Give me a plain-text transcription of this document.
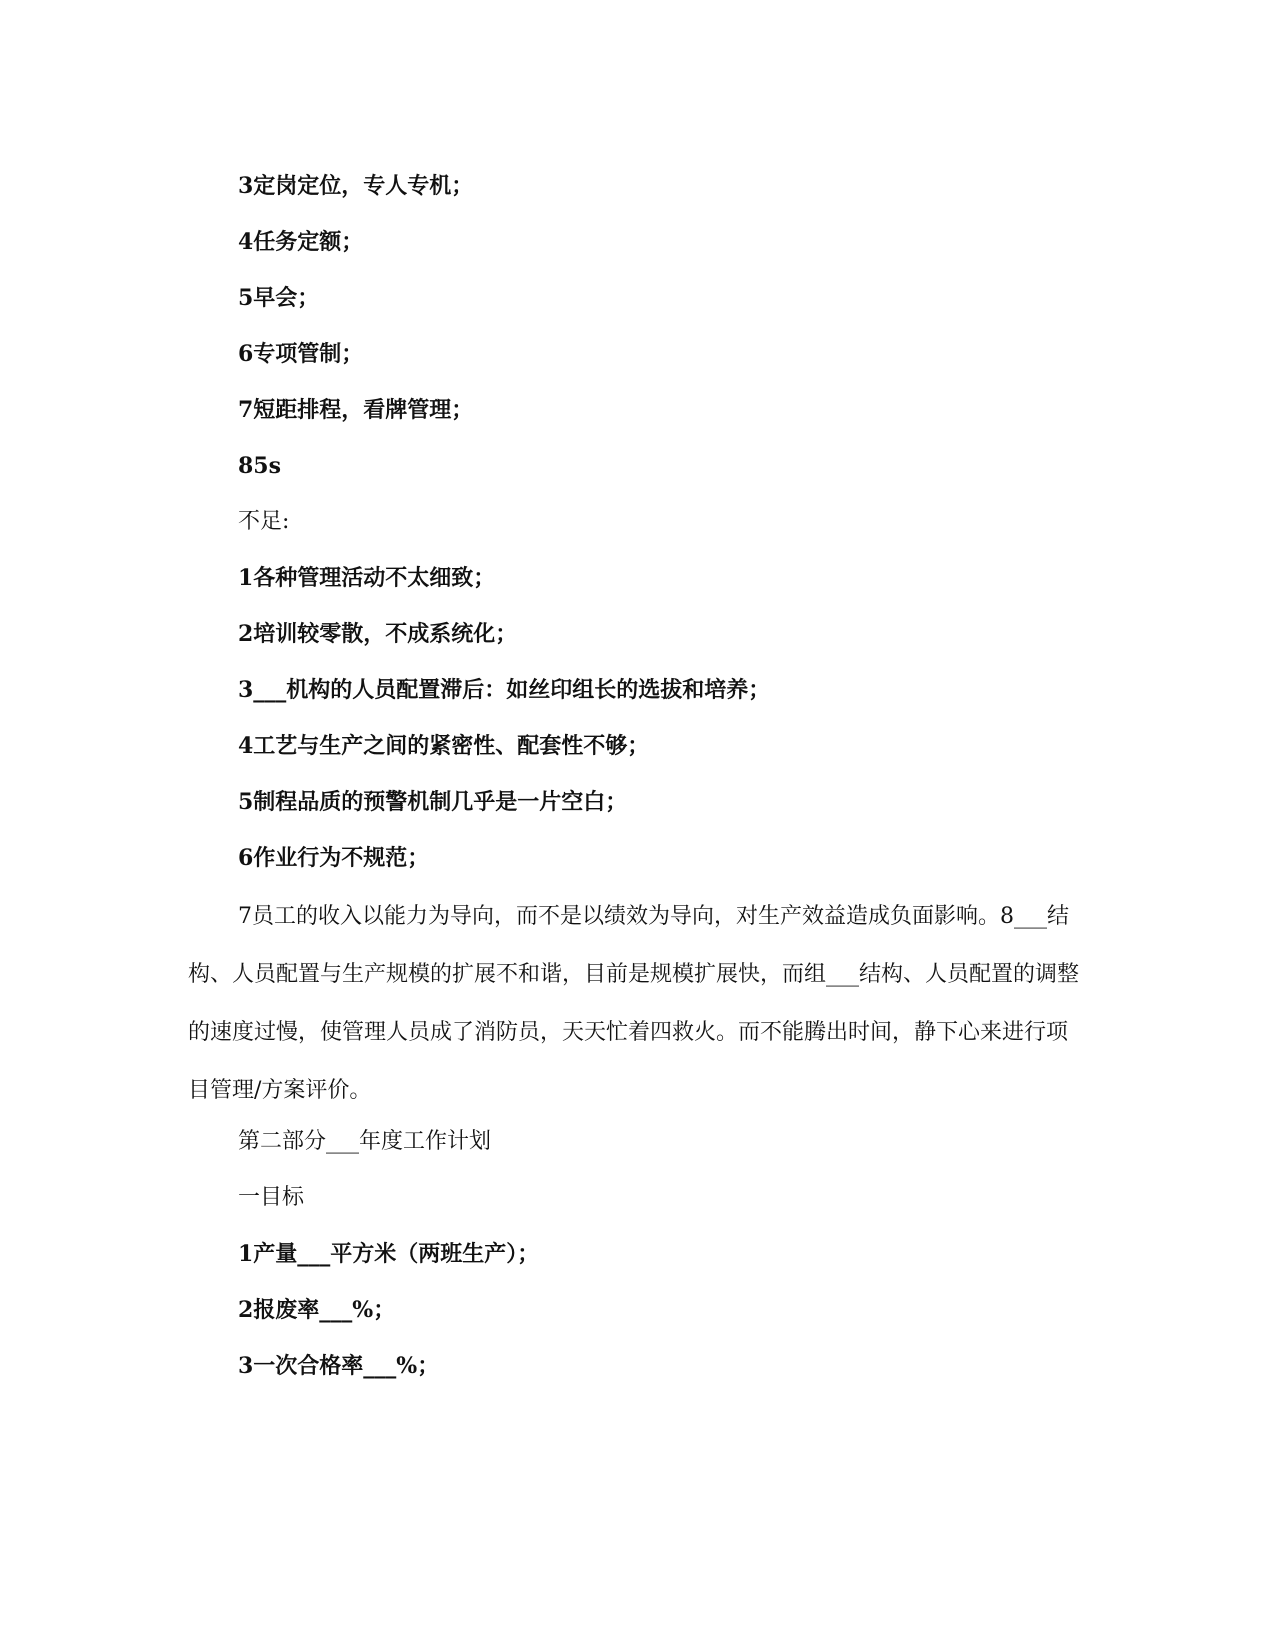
3定岗定位，专人专机；
4任务定额；
5早会；
6专项管制；
7短距排程，看牌管理；
85s
不足:
1各种管理活动不太细致；
2培训较零散，不成系统化；
3___机构的人员配置滞后：如丝印组长的选拔和培养；
4工艺与生产之间的紧密性、配套性不够；
5制程品质的预警机制几乎是一片空白；
6作业行为不规范；
7员工的收入以能力为导向，而不是以绩效为导向，对生产效益造成负面影响。8___结构、人员配置与生产规模的扩展不和谐，目前是规模扩展快，而组___结构、人员配置的调整的速度过慢，使管理人员成了消防员，天天忙着四救火。而不能腾出时间，静下心来进行项目管理/方案评价。
第二部分___年度工作计划
一目标
1产量___平方米（两班生产）；
2报废率___%；
3一次合格率___%；
